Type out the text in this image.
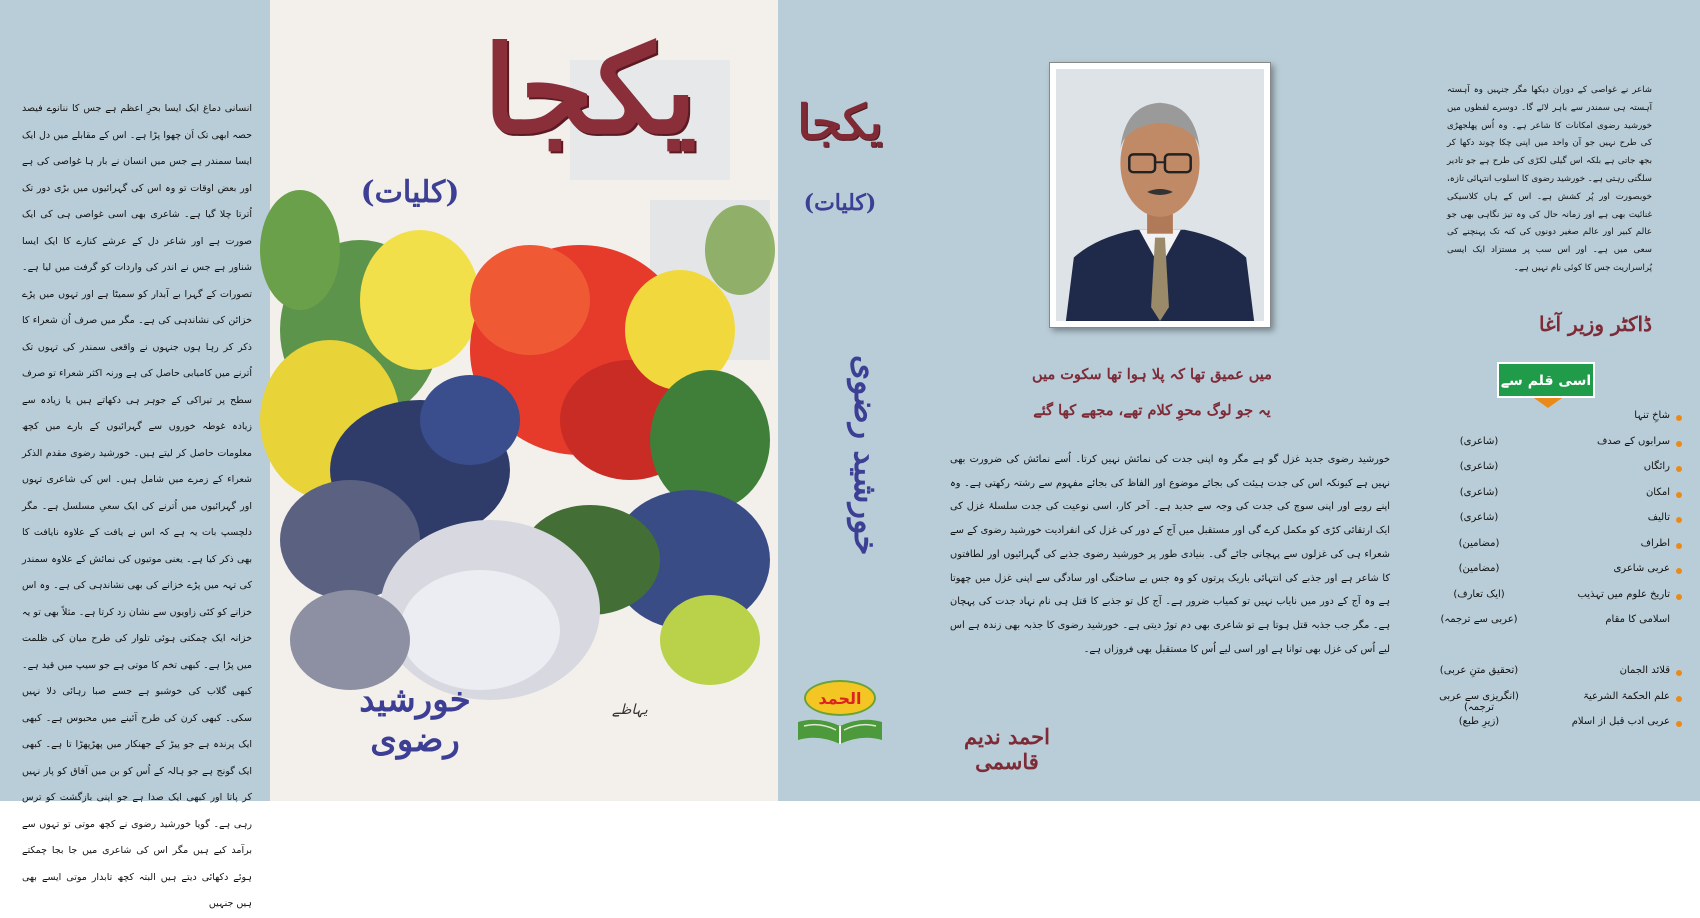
انسانی دماغ ایک ایسا بحرِ اعظم ہے جس کا ننانوے فیصد حصہ ابھی تک اَن چھوا پڑا ہے۔ اس کے مقابلے میں دل ایک ایسا سمندر ہے جس میں انسان نے بار ہا غواصی کی ہے اور بعض اوقات تو وہ اس کی گہرائیوں میں بڑی دور تک اُترتا چلا گیا ہے۔ شاعری بھی اسی غواصی ہی کی ایک صورت ہے اور شاعر دل کے عرشے کنارے کا ایک ایسا شناور ہے جس نے اندر کی واردات کو گرفت میں لیا ہے۔ تصورات کے گہرا بے آبدار کو سمیٹا ہے اور تہوں میں پڑے خزائن کی نشاندہی کی ہے۔ مگر میں صرف اُن شعراء کا ذکر کر رہا ہوں جنہوں نے واقعی سمندر کی تہوں تک اُترنے میں کامیابی حاصل کی ہے ورنہ اکثر شعراء تو صرف سطح پر تیراکی کے جوہر ہی دکھاتے ہیں یا زیادہ سے زیادہ غوطہ خوروں سے گہرائیوں کے بارے میں کچھ معلومات حاصل کر لیتے ہیں۔ خورشید رضوی مقدم الذکر شعراء کے زمرے میں شامل ہیں۔ اس کی شاعری تہوں اور گہرائیوں میں اُترنے کی ایک سعیِ مسلسل ہے۔ مگر دلچسپ بات یہ ہے کہ اس نے یافت کے علاوہ نایافت کا بھی ذکر کیا ہے۔ یعنی موتیوں کی نمائش کے علاوہ سمندر کی تہہ میں پڑے خزانے کی بھی نشاندہی کی ہے۔ وہ اس خزانے کو کئی زاویوں سے نشان زد کرتا ہے۔ مثلاً بھی تو یہ خزانہ ایک چمکتی ہوئی تلوار کی طرح میان کی ظلمت میں پڑا ہے۔ کبھی تخم کا موتی ہے جو سیپ میں قید ہے۔ کبھی گلاب کی خوشبو ہے جسے صبا رہائی دلا نہیں سکی۔ کبھی کرن کی طرح آئینے میں محبوس ہے۔ کبھی ایک پرندہ ہے جو پیڑ کے جھنکار میں پھڑپھڑا تا ہے۔ کبھی ایک گونج ہے جو ہالہ کے اُس کو بن میں آفاق کو پار نہیں کر پاتا اور کبھی ایک صدا ہے جو اپنی بازگشت کو ترس رہی ہے۔ گویا خورشید رضوی نے کچھ موتی تو تہوں سے برآمد کیے ہیں مگر اس کی شاعری میں جا بجا چمکتے ہوئے دکھائی دیتے ہیں البتہ کچھ تابدار موتی ایسے بھی ہیں جنہیں

یکجا
(کلیات)
خورشید رضوی
یہاظے
یکجا
(کلیات)
خورشید رضوی
الحمد
میں عمیق تھا کہ پلا ہوا تھا سکوت میں
یہ جو لوگ محوِ کلام تھے، مجھے کھا گئے

خورشید رضوی جدید غزل گو ہے مگر وہ اپنی جدت کی نمائش نہیں کرتا۔ اُسے نمائش کی ضرورت بھی نہیں ہے کیونکہ اس کی جدت ہیئت کی بجائے موضوع اور الفاظ کی بجائے مفہوم سے رشتہ رکھتی ہے۔ وہ اپنے رویے اور اپنی سوچ کی جدت کی وجہ سے جدید ہے۔ آخر کار، اسی نوعیت کی جدت سلسلۂ غزل کی ایک ارتقائی کڑی کو مکمل کرے گی اور مستقبل میں آج کے دور کی غزل کی انفرادیت خورشید رضوی کے سے شعراء ہی کی غزلوں سے پہچانی جائے گی۔ بنیادی طور پر خورشید رضوی جذبے کی گہرائیوں اور لطافتوں کا شاعر ہے اور جذبے کی انتہائی باریک پرتوں کو وہ جس بے ساختگی اور سادگی سے اپنی غزل میں چھوتا ہے وہ آج کے دور میں نایاب نہیں تو کمیاب ضرور ہے۔ آج کل تو جذبے کا قتل ہی نام نہاد جدت کی پہچان ہے۔ مگر جب جذبہ قتل ہوتا ہے تو شاعری بھی دم توڑ دیتی ہے۔ خورشید رضوی کا جذبہ بھی زندہ ہے اس لیے اُس کی غزل بھی توانا ہے اور اسی لیے اُس کا مستقبل بھی فروزاں ہے۔

احمد ندیم قاسمی

شاعر نے غواصی کے دوران دیکھا مگر جنہیں وہ آہستہ آہستہ ہی سمندر سے باہر لائے گا۔ دوسرے لفظوں میں خورشید رضوی امکانات کا شاعر ہے۔ وہ اُس پھلجھڑی کی طرح نہیں جو آن واحد میں اپنی چکا چوند دکھا کر بجھ جاتی ہے بلکہ اس گیلی لکڑی کی طرح ہے جو تادیر سلگتی رہتی ہے۔ خورشید رضوی کا اسلوب انتہائی تازہ، خوبصورت اور پُر کشش ہے۔ اس کے ہاں کلاسیکی غنائیت بھی ہے اور زمانہ حال کی وہ تیز نگاہی بھی جو عالم کبیر اور عالم صغیر دونوں کی کنہ تک پہنچنے کی سعی میں ہے۔ اور اس سب پر مستزاد ایک ایسی پُراسراریت جس کا کوئی نام نہیں ہے۔

ڈاکٹر وزیر آغا
اسی قلم سے
شاخِ تنہا
سرابوں کے صدف
(شاعری)
رائگاں
(شاعری)
امکان
(شاعری)
تالیف
(شاعری)
اطراف
(مضامین)
عربی شاعری
(مضامین)
تاریخ علوم میں تہذیب
(ایک تعارف)
اسلامی کا مقام
(عربی سے ترجمہ)
قلائد الجمان
(تحقیق متنِ عربی)
علم الحکمۃ الشرعیۃ
(انگریزی سے عربی ترجمہ)
عربی ادب قبل از اسلام
(زیرِ طبع)
